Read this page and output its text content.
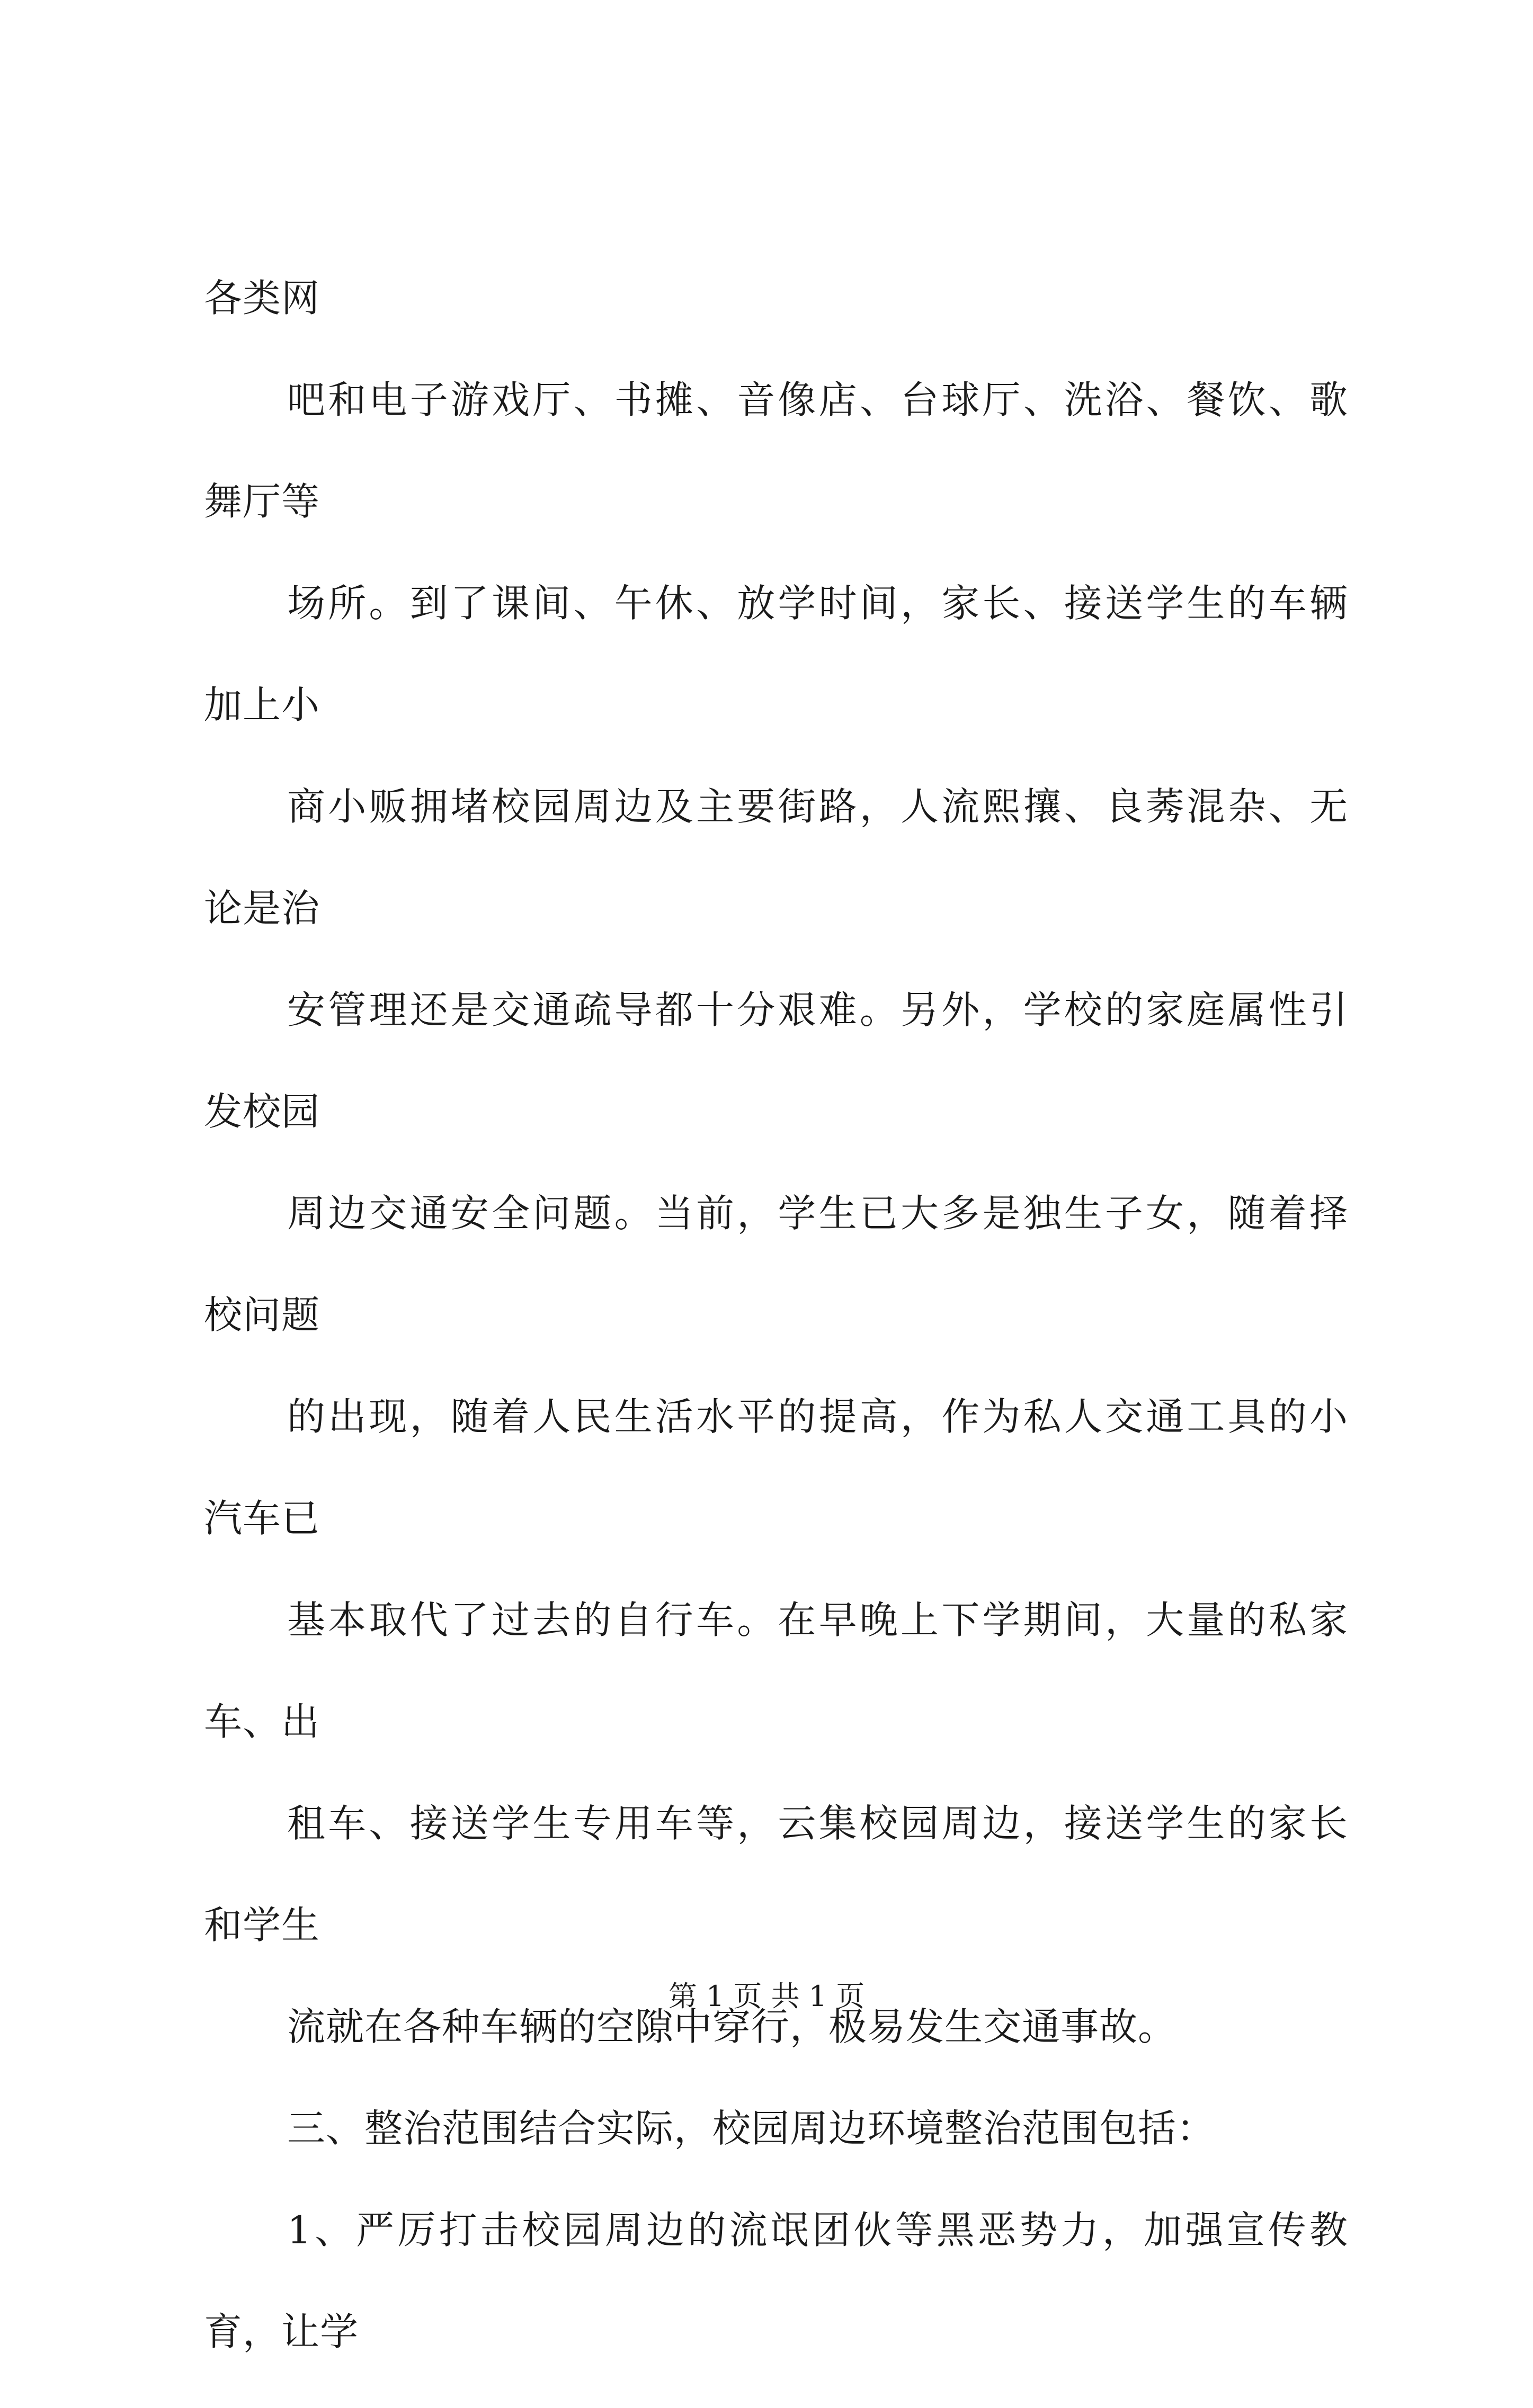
各类网
吧和电子游戏厅、书摊、音像店、台球厅、洗浴、餐饮、歌
舞厅等
场所。到了课间、午休、放学时间，家长、接送学生的车辆
加上小
商小贩拥堵校园周边及主要街路，人流熙攘、良莠混杂、无
论是治
安管理还是交通疏导都十分艰难。另外，学校的家庭属性引
发校园
周边交通安全问题。当前，学生已大多是独生子女，随着择
校问题
的出现，随着人民生活水平的提高，作为私人交通工具的小
汽车已
基本取代了过去的自行车。在早晚上下学期间，大量的私家
车、出
租车、接送学生专用车等，云集校园周边，接送学生的家长
和学生
流就在各种车辆的空隙中穿行，极易发生交通事故。
三、整治范围结合实际，校园周边环境整治范围包括：
1、严厉打击校园周边的流氓团伙等黑恶势力，加强宣传教
育，让学
第 1 页 共 1 页
